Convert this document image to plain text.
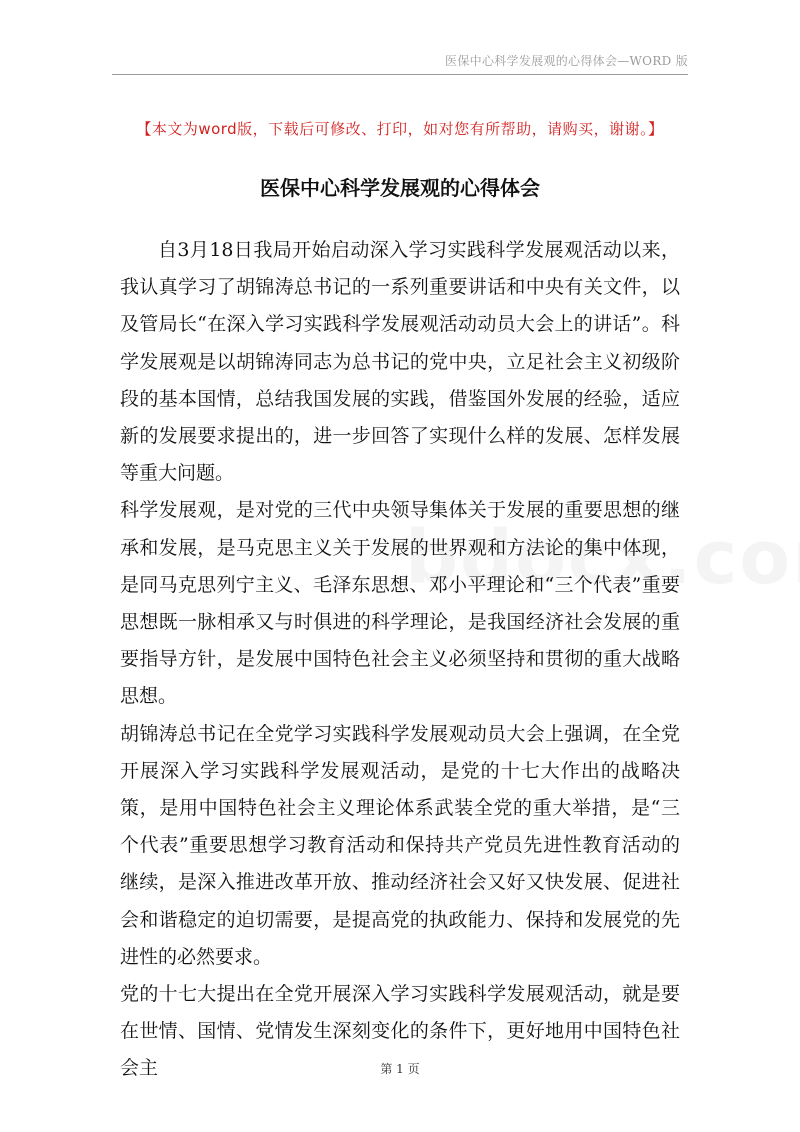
医保中心科学发展观的心得体会—WORD 版
【本文为word版，下载后可修改、打印，如对您有所帮助，请购买，谢谢。】
医保中心科学发展观的心得体会

自3月18日我局开始启动深入学习实践科学发展观活动以来，我认真学习了胡锦涛总书记的一系列重要讲话和中央有关文件，以及管局长“在深入学习实践科学发展观活动动员大会上的讲话”。科学发展观是以胡锦涛同志为总书记的党中央，立足社会主义初级阶段的基本国情，总结我国发展的实践，借鉴国外发展的经验，适应新的发展要求提出的，进一步回答了实现什么样的发展、怎样发展等重大问题。

科学发展观，是对党的三代中央领导集体关于发展的重要思想的继承和发展，是马克思主义关于发展的世界观和方法论的集中体现，是同马克思列宁主义、毛泽东思想、邓小平理论和“三个代表”重要思想既一脉相承又与时俱进的科学理论，是我国经济社会发展的重要指导方针，是发展中国特色社会主义必须坚持和贯彻的重大战略思想。

胡锦涛总书记在全党学习实践科学发展观动员大会上强调，在全党开展深入学习实践科学发展观活动，是党的十七大作出的战略决策，是用中国特色社会主义理论体系武装全党的重大举措，是“三个代表”重要思想学习教育活动和保持共产党员先进性教育活动的继续，是深入推进改革开放、推动经济社会又好又快发展、促进社会和谐稳定的迫切需要，是提高党的执政能力、保持和发展党的先进性的必然要求。

党的十七大提出在全党开展深入学习实践科学发展观活动，就是要在世情、国情、党情发生深刻变化的条件下，更好地用中国特色社会主	第 1 页
